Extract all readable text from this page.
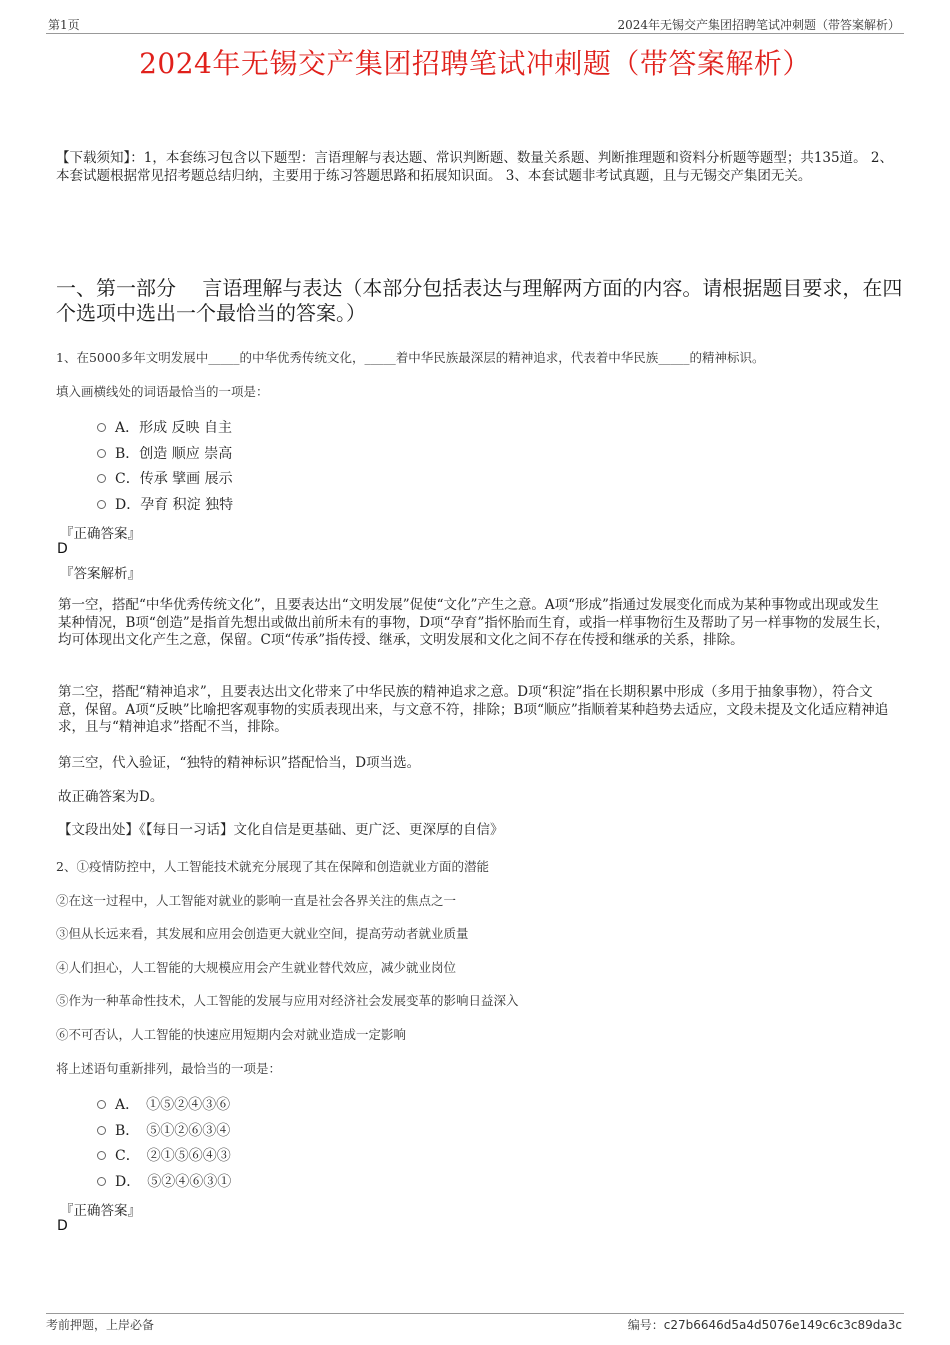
第1页	2024年无锡交产集团招聘笔试冲刺题（带答案解析）
2024年无锡交产集团招聘笔试冲刺题（带答案解析）
【下载须知】：1，本套练习包含以下题型：言语理解与表达题、常识判断题、数量关系题、判断推理题和资料分析题等题型；共135道。 2、本套试题根据常见招考题总结归纳，主要用于练习答题思路和拓展知识面。 3、本套试题非考试真题，且与无锡交产集团无关。
一、第一部分　 言语理解与表达（本部分包括表达与理解两方面的内容。请根据题目要求，在四个选项中选出一个最恰当的答案。）
1、在5000多年文明发展中_____的中华优秀传统文化，_____着中华民族最深层的精神追求，代表着中华民族_____的精神标识。
填入画横线处的词语最恰当的一项是：
A．形成 反映 自主
B．创造 顺应 崇高
C．传承 擘画 展示
D．孕育 积淀 独特
『正确答案』
D
『答案解析』
第一空，搭配“中华优秀传统文化”，且要表达出“文明发展”促使“文化”产生之意。A项“形成”指通过发展变化而成为某种事物或出现或发生某种情况，B项“创造”是指首先想出或做出前所未有的事物，D项“孕育”指怀胎而生育，或指一样事物衍生及帮助了另一样事物的发展生长，均可体现出文化产生之意，保留。C项“传承”指传授、继承，文明发展和文化之间不存在传授和继承的关系，排除。
第二空，搭配“精神追求”，且要表达出文化带来了中华民族的精神追求之意。D项“积淀”指在长期积累中形成（多用于抽象事物），符合文意，保留。A项“反映”比喻把客观事物的实质表现出来，与文意不符，排除；B项“顺应”指顺着某种趋势去适应，文段未提及文化适应精神追求，且与“精神追求”搭配不当，排除。
第三空，代入验证，“独特的精神标识”搭配恰当，D项当选。
故正确答案为D。
【文段出处】《【每日一习话】文化自信是更基础、更广泛、更深厚的自信》
2、①疫情防控中，人工智能技术就充分展现了其在保障和创造就业方面的潜能
②在这一过程中，人工智能对就业的影响一直是社会各界关注的焦点之一
③但从长远来看，其发展和应用会创造更大就业空间，提高劳动者就业质量
④人们担心，人工智能的大规模应用会产生就业替代效应，减少就业岗位
⑤作为一种革命性技术，人工智能的发展与应用对经济社会发展变革的影响日益深入
⑥不可否认，人工智能的快速应用短期内会对就业造成一定影响
将上述语句重新排列，最恰当的一项是：
A．　①⑤②④③⑥
B．　⑤①②⑥③④
C．　②①⑤⑥④③
D．　⑤②④⑥③①
『正确答案』
D
考前押题，上岸必备	编号：c27b6646d5a4d5076e149c6c3c89da3c
